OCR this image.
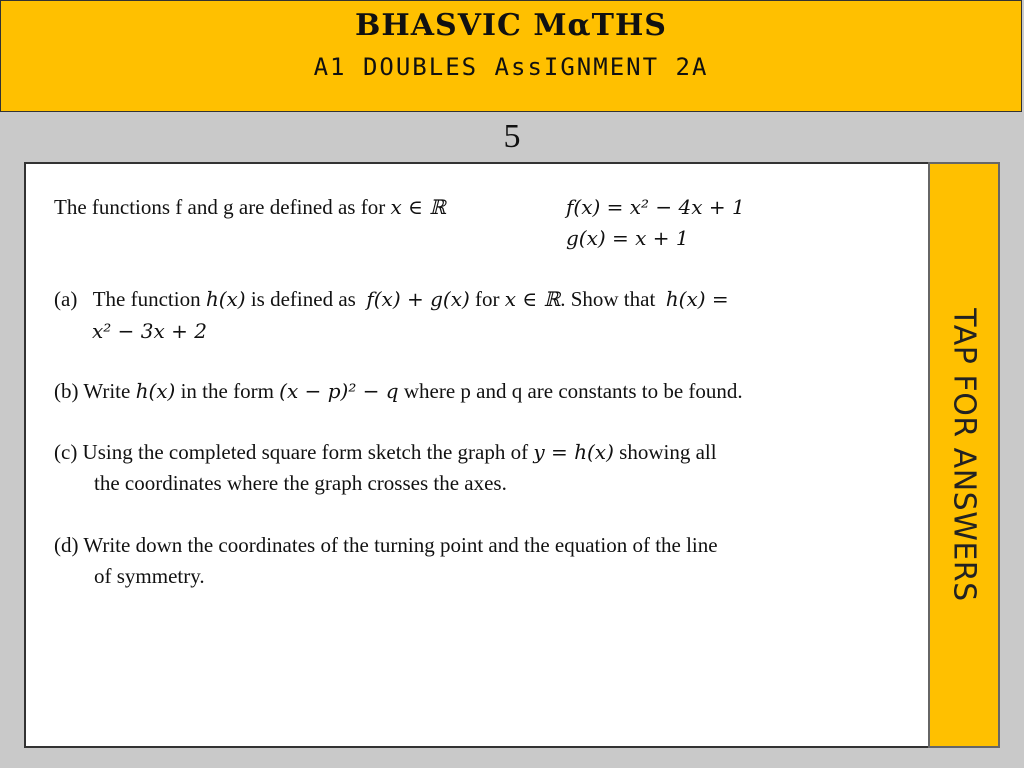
BHASVIC MαTHS
A1 DOUBLES AssIGNMENT 2A
5
The functions f and g are defined as for 𝑥 ∈ ℝ	𝑓(𝑥) = 𝑥² − 4𝑥 + 1
𝑔(𝑥) = 𝑥 + 1
(a) The function ℎ(𝑥) is defined as 𝑓(𝑥) + 𝑔(𝑥) for 𝑥 ∈ ℝ. Show that ℎ(𝑥) =
𝑥² − 3𝑥 + 2
(b) Write ℎ(𝑥) in the form (𝑥 − 𝑝)² − 𝑞 where p and q are constants to be found.
(c) Using the completed square form sketch the graph of 𝑦 = ℎ(𝑥) showing all
the coordinates where the graph crosses the axes.
(d) Write down the coordinates of the turning point and the equation of the line
of symmetry.	TAP FOR ANSWERS
